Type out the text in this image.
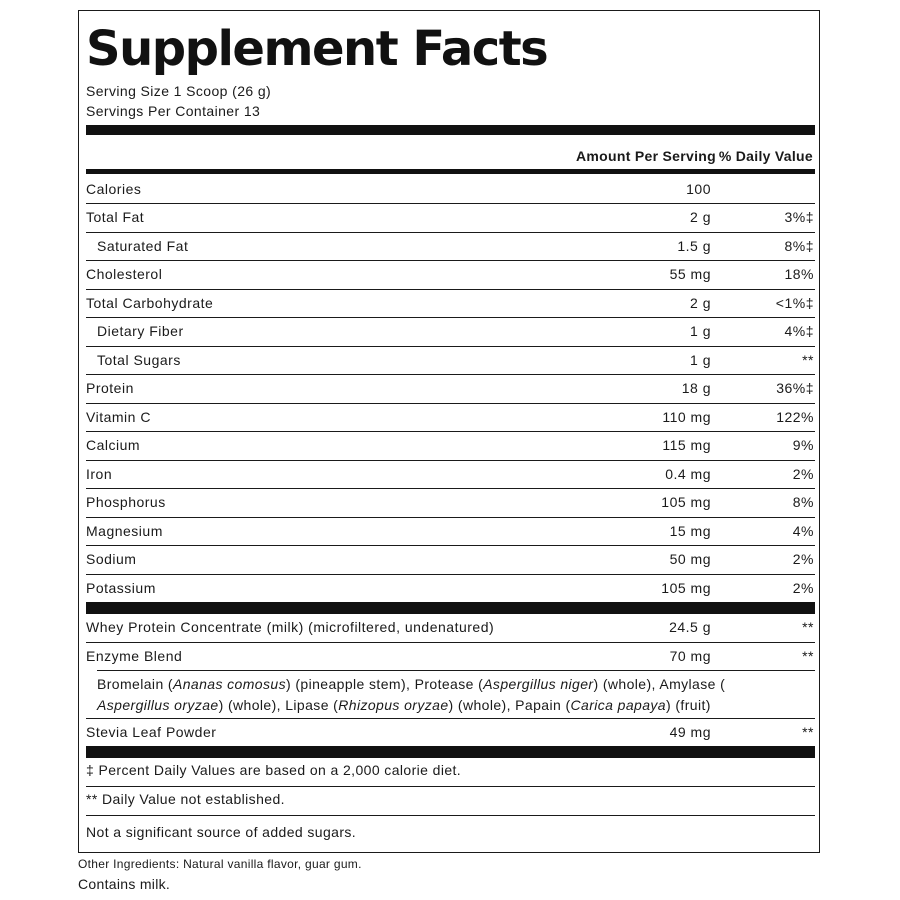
Supplement Facts
Serving Size 1 Scoop (26 g)
Servings Per Container 13
Amount Per Serving % Daily Value
Calories	100
Total Fat	2 g	3%‡
Saturated Fat	1.5 g	8%‡
Cholesterol	55 mg	18%
Total Carbohydrate	2 g	<1%‡
Dietary Fiber	1 g	4%‡
Total Sugars	1 g	**
Protein	18 g	36%‡
Vitamin C	110 mg	122%
Calcium	115 mg	9%
Iron	0.4 mg	2%
Phosphorus	105 mg	8%
Magnesium	15 mg	4%
Sodium	50 mg	2%
Potassium	105 mg	2%
Whey Protein Concentrate (milk) (microfiltered, undenatured)	24.5 g	**
Enzyme Blend	70 mg	**
Bromelain (Ananas comosus) (pineapple stem), Protease (Aspergillus niger) (whole), Amylase (
Aspergillus oryzae) (whole), Lipase (Rhizopus oryzae) (whole), Papain (Carica papaya) (fruit)
Stevia Leaf Powder	49 mg	**
‡ Percent Daily Values are based on a 2,000 calorie diet.
** Daily Value not established.
Not a significant source of added sugars.
Other Ingredients: Natural vanilla flavor, guar gum.
Contains milk.
